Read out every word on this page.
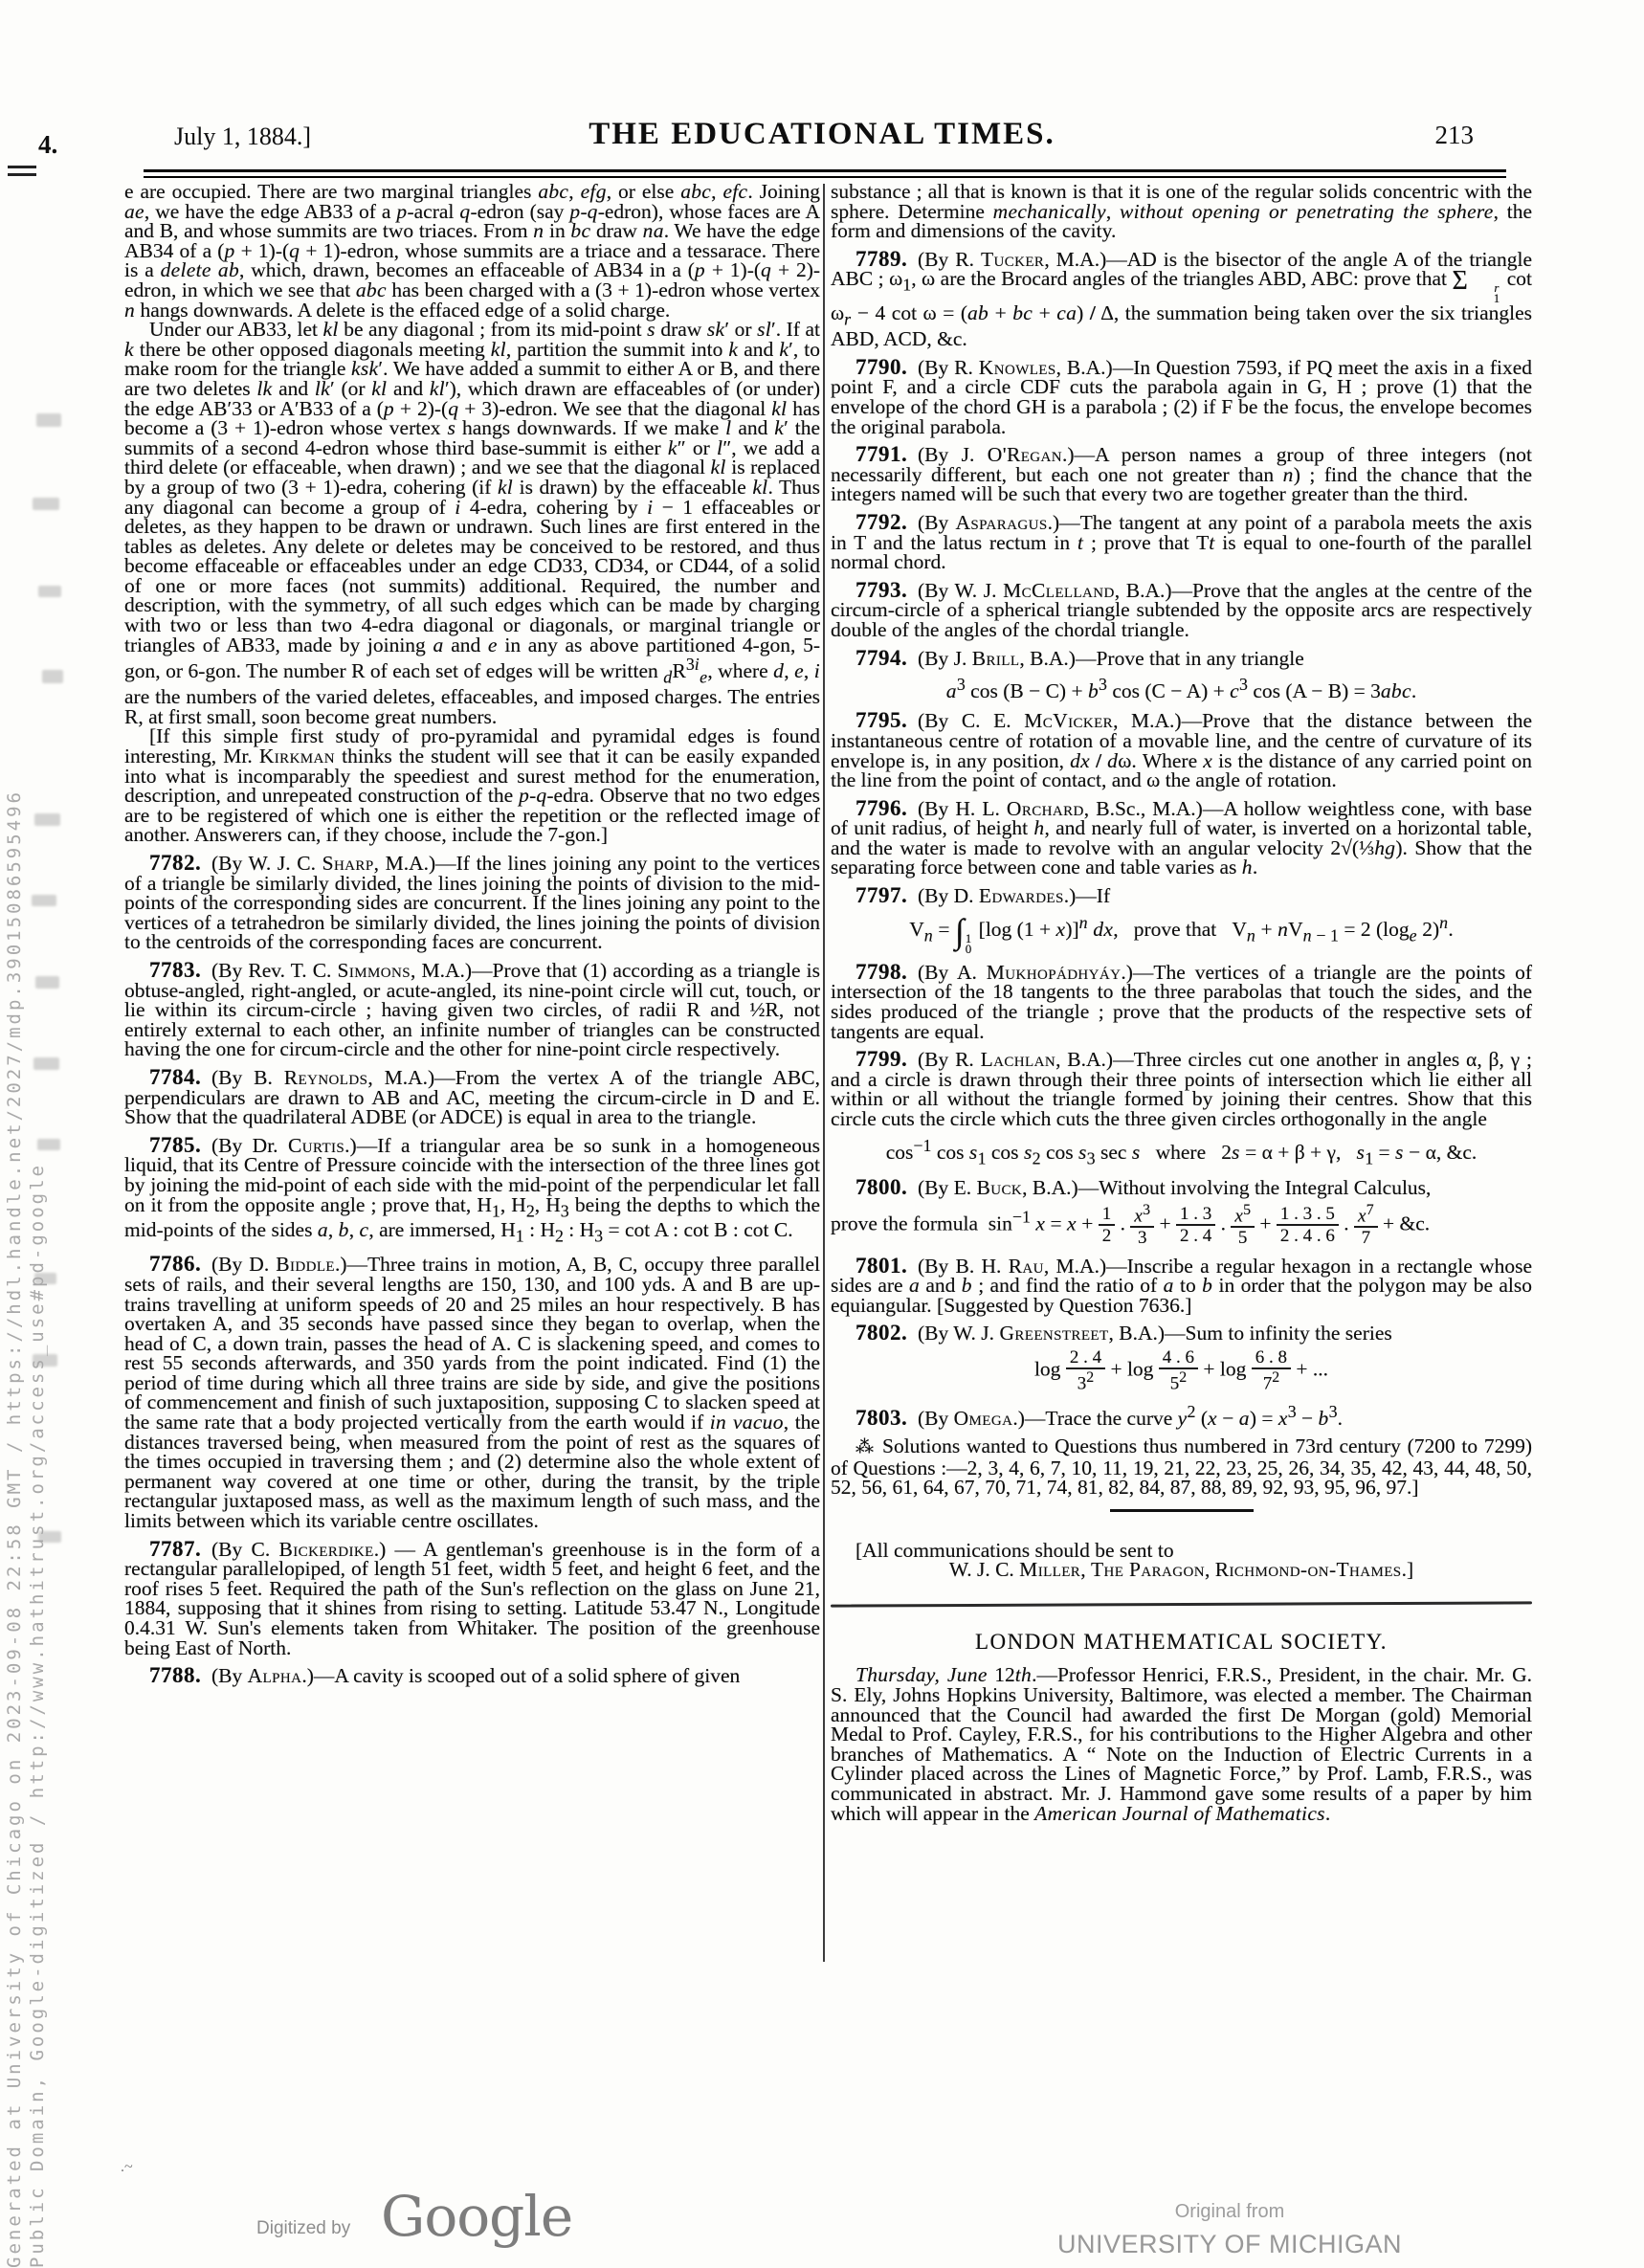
July 1, 1884.]	THE EDUCATIONAL TIMES.	213
4.
Generated at University of Chicago on 2023-09-08 22:58 GMT / https://hdl.handle.net/2027/mdp.39015086595496 Public Domain, Google-digitized / http://www.hathitrust.org/access_use#pd-google

e are occupied. There are two marginal triangles abc, efg, or else abc, efc. Joining ae, we have the edge AB33 of a p-acral q-edron (say p-q-edron), whose faces are A and B, and whose summits are two triaces. From n in bc draw na. We have the edge AB34 of a (p + 1)-(q + 1)-edron, whose summits are a triace and a tessarace. There is a delete ab, which, drawn, becomes an effaceable of AB34 in a (p + 1)-(q + 2)-edron, in which we see that abc has been charged with a (3 + 1)-edron whose vertex n hangs downwards. A delete is the effaced edge of a solid charge.

Under our AB33, let kl be any diagonal ; from its mid-point s draw sk′ or sl′. If at k there be other opposed diagonals meeting kl, partition the summit into k and k′, to make room for the triangle ksk′. We have added a summit to either A or B, and there are two deletes lk and lk′ (or kl and kl′), which drawn are effaceables of (or under) the edge AB′33 or A′B33 of a (p + 2)-(q + 3)-edron. We see that the diagonal kl has become a (3 + 1)-edron whose vertex s hangs downwards. If we make l and k′ the summits of a second 4-edron whose third base-summit is either k″ or l″, we add a third delete (or effaceable, when drawn) ; and we see that the diagonal kl is replaced by a group of two (3 + 1)-edra, cohering (if kl is drawn) by the effaceable kl. Thus any diagonal can become a group of i 4-edra, cohering by i − 1 effaceables or deletes, as they happen to be drawn or undrawn. Such lines are first entered in the tables as deletes. Any delete or deletes may be conceived to be restored, and thus become effaceable or effaceables under an edge CD33, CD34, or CD44, of a solid of one or more faces (not summits) additional. Required, the number and description, with the symmetry, of all such edges which can be made by charging with two or less than two 4-edra diagonal or diagonals, or marginal triangle or triangles of AB33, made by joining a and e in any as above partitioned 4-gon, 5-gon, or 6-gon. The number R of each set of edges will be written $_dR^{3i}_e$, where d, e, i are the numbers of the varied deletes, effaceables, and imposed charges. The entries R, at first small, soon become great numbers.

[If this simple first study of pro-pyramidal and pyramidal edges is found interesting, Mr. Kirkman thinks the student will see that it can be easily expanded into what is incomparably the speediest and surest method for the enumeration, description, and unrepeated construction of the p-q-edra. Observe that no two edges are to be registered of which one is either the repetition or the reflected image of another. Answerers can, if they choose, include the 7-gon.]

7782. (By W. J. C. Sharp, M.A.)—If the lines joining any point to the vertices of a triangle be similarly divided, the lines joining the points of division to the mid-points of the corresponding sides are concurrent. If the lines joining any point to the vertices of a tetrahedron be similarly divided, the lines joining the points of division to the centroids of the corresponding faces are concurrent.

7783. (By Rev. T. C. Simmons, M.A.)—Prove that (1) according as a triangle is obtuse-angled, right-angled, or acute-angled, its nine-point circle will cut, touch, or lie within its circum-circle ; having given two circles, of radii R and ½R, not entirely external to each other, an infinite number of triangles can be constructed having the one for circum-circle and the other for nine-point circle respectively.

7784. (By B. Reynolds, M.A.)—From the vertex A of the triangle ABC, perpendiculars are drawn to AB and AC, meeting the circum-circle in D and E. Show that the quadrilateral ADBE (or ADCE) is equal in area to the triangle.

7785. (By Dr. Curtis.)—If a triangular area be so sunk in a homogeneous liquid, that its Centre of Pressure coincide with the intersection of the three lines got by joining the mid-point of each side with the mid-point of the perpendicular let fall on it from the opposite angle ; prove that, $H_1$, $H_2$, $H_3$ being the depths to which the mid-points of the sides a, b, c, are immersed, $H_1$ : $H_2$ : $H_3 = \cot A$ : cot B : cot C.

7786. (By D. Biddle.)—Three trains in motion, A, B, C, occupy three parallel sets of rails, and their several lengths are 150, 130, and 100 yds. A and B are up-trains travelling at uniform speeds of 20 and 25 miles an hour respectively. B has overtaken A, and 35 seconds have passed since they began to overlap, when the head of C, a down train, passes the head of A. C is slackening speed, and comes to rest 55 seconds afterwards, and 350 yards from the point indicated. Find (1) the period of time during which all three trains are side by side, and give the positions of commencement and finish of such juxtaposition, supposing C to slacken speed at the same rate that a body projected vertically from the earth would if in vacuo, the distances traversed being, when measured from the point of rest as the squares of the times occupied in traversing them ; and (2) determine also the whole extent of permanent way covered at one time or other, during the transit, by the triple rectangular juxtaposed mass, as well as the maximum length of such mass, and the limits between which its variable centre oscillates.

7787. (By C. Bickerdike.) — A gentleman's greenhouse is in the form of a rectangular parallelopiped, of length 51 feet, width 5 feet, and height 6 feet, and the roof rises 5 feet. Required the path of the Sun's reflection on the glass on June 21, 1884, supposing that it shines from rising to setting. Latitude 53.47 N., Longitude 0.4.31 W. Sun's elements taken from Whitaker. The position of the greenhouse being East of North.

7788. (By Alpha.)—A cavity is scooped out of a solid sphere of given

substance ; all that is known is that it is one of the regular solids concentric with the sphere. Determine mechanically, without opening or penetrating the sphere, the form and dimensions of the cavity.

7789. (By R. Tucker, M.A.)—AD is the bisector of the angle A of the triangle ABC ; $\omega_1$, ω are the Brocard angles of the triangles ABD, ABC: prove that Σ	r
1
$\cot \omega_r - 4$ cot ω = (ab + bc + ca) / Δ, the summation being taken over the six triangles ABD, ACD, &c.

7790. (By R. Knowles, B.A.)—In Question 7593, if PQ meet the axis in a fixed point F, and a circle CDF cuts the parabola again in G, H ; prove (1) that the envelope of the chord GH is a parabola ; (2) if F be the focus, the envelope becomes the original parabola.

7791. (By J. O'Regan.)—A person names a group of three integers (not necessarily different, but each one not greater than n) ; find the chance that the integers named will be such that every two are together greater than the third.

7792. (By Asparagus.)—The tangent at any point of a parabola meets the axis in T and the latus rectum in t ; prove that Tt is equal to one-fourth of the parallel normal chord.

7793. (By W. J. McClelland, B.A.)—Prove that the angles at the centre of the circum-circle of a spherical triangle subtended by the opposite arcs are respectively double of the angles of the chordal triangle.

7794. (By J. Brill, B.A.)—Prove that in any triangle

$a^3$ $\cos (B - C) + b^3$ $\cos (C - A) + c^3$ cos (A − B) = 3abc.

7795. (By C. E. McVicker, M.A.)—Prove that the distance between the instantaneous centre of rotation of a movable line, and the centre of curvature of its envelope is, in any position, dx / dω. Where x is the distance of any carried point on the line from the point of contact, and ω the angle of rotation.

7796. (By H. L. Orchard, B.Sc., M.A.)—A hollow weightless cone, with base of unit radius, of height h, and nearly full of water, is inverted on a horizontal table, and the water is made to revolve with an angular velocity 2√(⅓hg). Show that the separating force between cone and table varies as h.

7797. (By D. Edwardes.)—If

$V_n$ = ∫ 1
0
[log (1 + x)]$^n$ dx,  prove that  $V_n + nV_{n - 1} = 2$ ($\log_e$ 2)$^n$.

7798. (By A. Mukhopádhyáy.)—The vertices of a triangle are the points of intersection of the 18 tangents to the three parabolas that touch the sides, and the sides produced of the triangle ; prove that the products of the respective sets of tangents are equal.

7799. (By R. Lachlan, B.A.)—Three circles cut one another in angles α, β, γ ; and a circle is drawn through their three points of intersection which lie either all within or all without the triangle formed by joining their centres. Show that this circle cuts the circle which cuts the three given circles orthogonally in the angle

$\cos^{-1} \cos s_1$ $\cos s_2$ $\cos s_3$ sec s  where  2s = α + β + γ,  $s_1 = s - \alpha$, &c.

7800. (By E. Buck, B.A.)—Without involving the Integral Calculus,

prove the formula  $\sin^{-1} x = x + \frac{1}{2}$ . $\frac{x^3}{3} + \frac{1 . 3}{2 . 4}$ . $\frac{x^5}{5} + \frac{1 . 3 . 5}{2 . 4 . 6}$ . $\frac{x^7}{7}$ + &c.

7801. (By B. H. Rau, M.A.)—Inscribe a regular hexagon in a rectangle whose sides are a and b ; and find the ratio of a to b in order that the polygon may be also equiangular. [Suggested by Question 7636.]

7802. (By W. J. Greenstreet, B.A.)—Sum to infinity the series

$\log \frac{2 . 4}{3^2} + \log \frac{4 . 6}{5^2} + \log \frac{6 . 8}{7^2}$ + ...

7803. (By Omega.)—Trace the curve $y^2$ $(x - a) = x^3 - b^3$.

⁂ Solutions wanted to Questions thus numbered in 73rd century (7200 to 7299) of Questions :—2, 3, 4, 6, 7, 10, 11, 19, 21, 22, 23, 25, 26, 34, 35, 42, 43, 44, 48, 50, 52, 56, 61, 64, 67, 70, 71, 74, 81, 82, 84, 87, 88, 89, 92, 93, 95, 96, 97.]

[All communications should be sent to

W. J. C. Miller, The Paragon, Richmond-on-Thames.]

LONDON MATHEMATICAL SOCIETY.

Thursday, June 12th.—Professor Henrici, F.R.S., President, in the chair. Mr. G. S. Ely, Johns Hopkins University, Baltimore, was elected a member. The Chairman announced that the Council had awarded the first De Morgan (gold) Memorial Medal to Prof. Cayley, F.R.S., for his contributions to the Higher Algebra and other branches of Mathematics. A “ Note on the Induction of Electric Currents in a Cylinder placed across the Lines of Magnetic Force,” by Prof. Lamb, F.R.S., was communicated in abstract. Mr. J. Hammond gave some results of a paper by him which will appear in the American Journal of Mathematics.

.~
Digitized by Google	Original from
UNIVERSITY OF MICHIGAN
